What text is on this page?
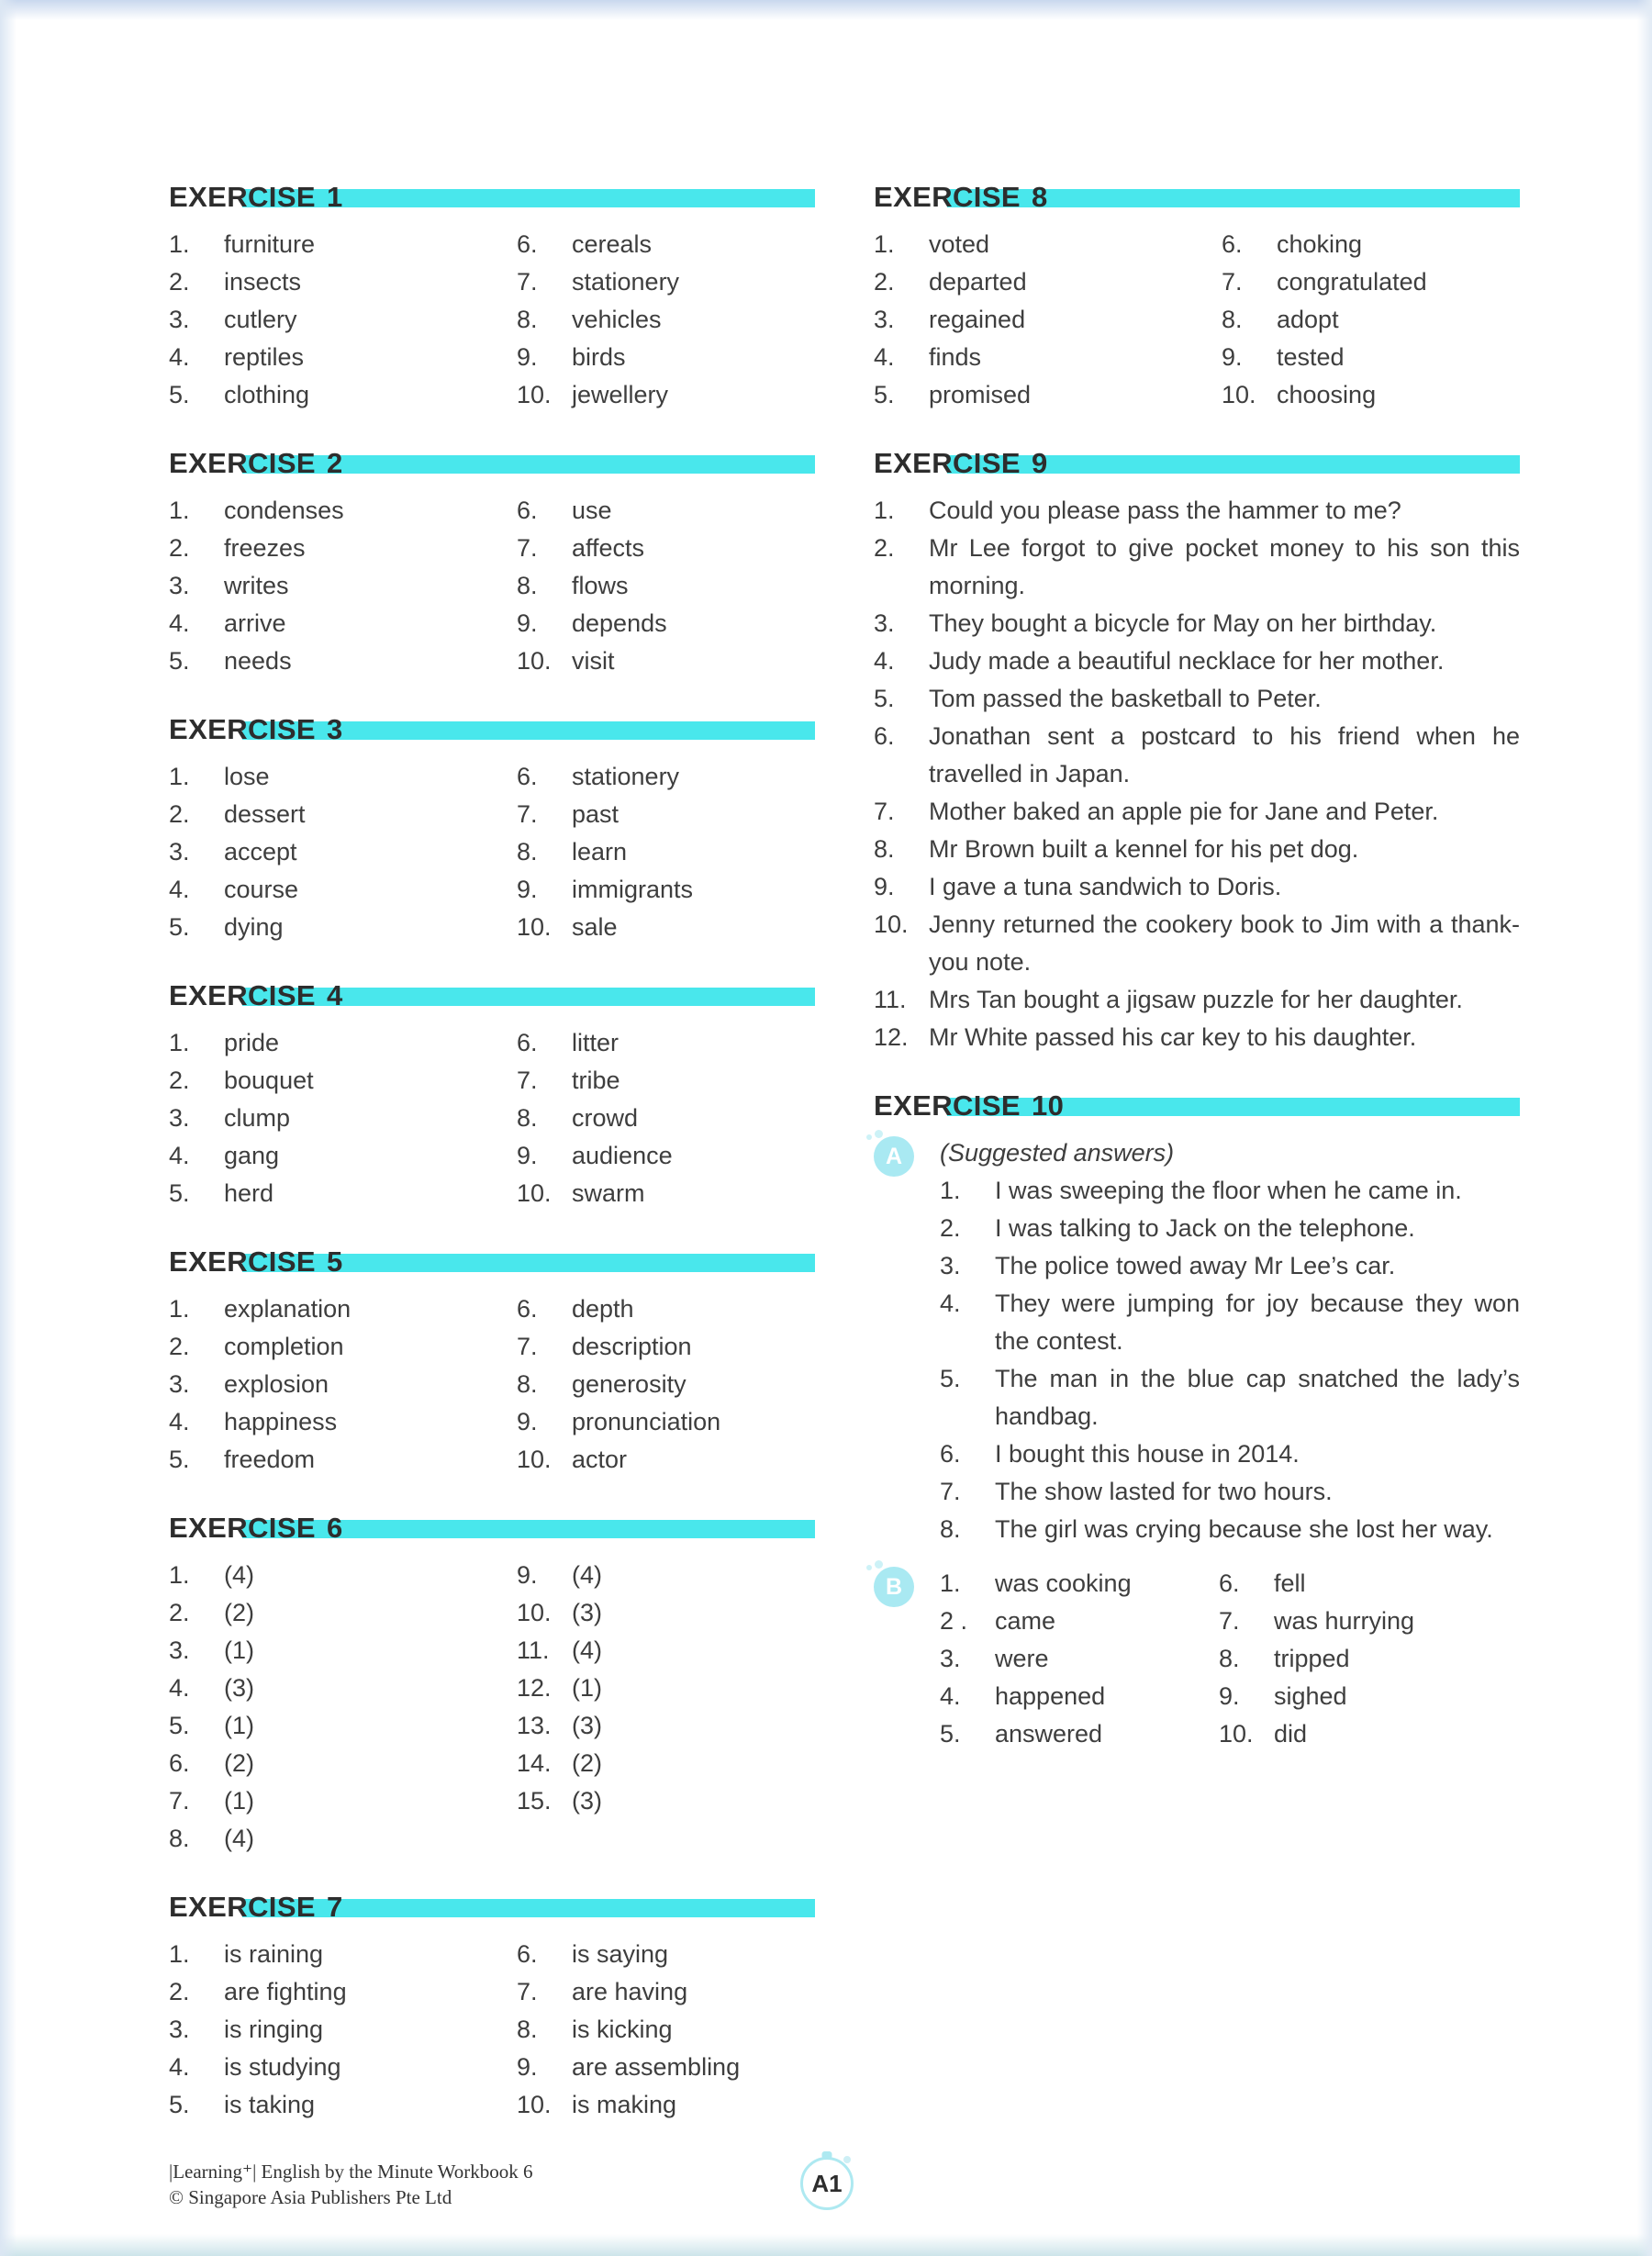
EXERCISE 1
1.	furniture
2.	insects
3.	cutlery
4.	reptiles
5.	clothing
6.	cereals
7.	stationery
8.	vehicles
9.	birds
10. jewellery
EXERCISE 2
1.	condenses
2.	freezes
3.	writes
4.	arrive
5.	needs
6.	use
7.	affects
8.	flows
9.	depends
10. visit
EXERCISE 3
1.	lose
2.	dessert
3.	accept
4.	course
5.	dying
6.	stationery
7.	past
8.	learn
9.	immigrants
10. sale
EXERCISE 4
1.	pride
2.	bouquet
3.	clump
4.	gang
5.	herd
6.	litter
7.	tribe
8.	crowd
9.	audience
10. swarm
EXERCISE 5
1.	explanation
2.	completion
3.	explosion
4.	happiness
5.	freedom
6.	depth
7.	description
8.	generosity
9.	pronunciation
10. actor
EXERCISE 6
1.	(4)
2.	(2)
3.	(1)
4.	(3)
5.	(1)
6.	(2)
7.	(1)
8.	(4)
9.	(4)
10. (3)
11. (4)
12. (1)
13. (3)
14. (2)
15. (3)
EXERCISE 7
1.	is raining
2.	are fighting
3.	is ringing
4.	is studying
5.	is taking
6.	is saying
7.	are having
8.	is kicking
9.	are assembling
10. is making
EXERCISE 8
1.	voted
2.	departed
3.	regained
4.	finds
5.	promised
6.	choking
7.	congratulated
8.	adopt
9.	tested
10. choosing
EXERCISE 9
1.	Could you please pass the hammer to me?
2.	Mr Lee forgot to give pocket money to his son this morning.
3.	They bought a bicycle for May on her birthday.
4.	Judy made a beautiful necklace for her mother.
5.	Tom passed the basketball to Peter.
6.	Jonathan sent a postcard to his friend when he travelled in Japan.
7.	Mother baked an apple pie for Jane and Peter.
8.	Mr Brown built a kennel for his pet dog.
9.	I gave a tuna sandwich to Doris.
10. Jenny returned the cookery book to Jim with a thank-you note.
11. Mrs Tan bought a jigsaw puzzle for her daughter.
12. Mr White passed his car key to his daughter.
EXERCISE 10
A	(Suggested answers)
1.	I was sweeping the floor when he came in.
2.	I was talking to Jack on the telephone.
3.	The police towed away Mr Lee’s car.
4.	They were jumping for joy because they won the contest.
5.	The man in the blue cap snatched the lady’s handbag.
6.	I bought this house in 2014.
7.	The show lasted for two hours.
8.	The girl was crying because she lost her way.
B	1.	was cooking
2 .	came
3.	were
4.	happened
5.	answered
6.	fell
7.	was hurrying
8.	tripped
9.	sighed
10. did
|Learning⁺| English by the Minute Workbook 6
© Singapore Asia Publishers Pte Ltd
A1
